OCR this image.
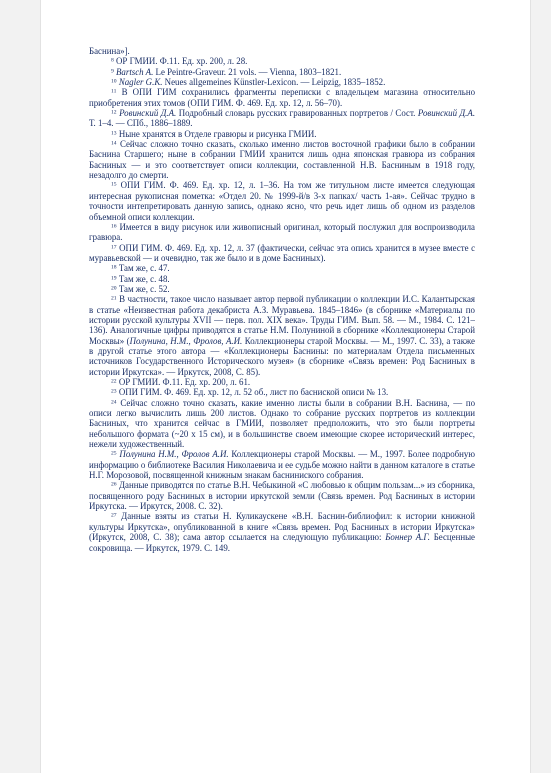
Баснина»].

$^8$ ОР ГМИИ. Ф.11. Ед. хр. 200, л. 28.

$^9$ Bartsch A. Le Peintre-Graveur. 21 vols. — Vienna, 1803–1821.

$^{10}$ Nagler G.K. Neues allgemeines Künstler-Lexicon. — Leipzig, 1835–1852.

$^{11}$ В ОПИ ГИМ сохранились фрагменты переписки с владельцем магазина относительно приобретения этих томов (ОПИ ГИМ. Ф. 469. Ед. хр. 12, л. 56–70).

$^{12}$ Ровинский Д.А. Подробный словарь русских гравированных портретов / Сост. Ровинский Д.А. Т. 1–4. — СПб., 1886–1889.

$^{13}$ Ныне хранятся в Отделе гравюры и рисунка ГМИИ.

$^{14}$ Сейчас сложно точно сказать, сколько именно листов восточной графики было в собрании Баснина Старшего; ныне в собрании ГМИИ хранится лишь одна японская гравюра из собрания Басниных — и это соответствует описи коллекции, составленной Н.В. Басниным в 1918 году, незадолго до смерти.

$^{15}$ ОПИ ГИМ. Ф. 469. Ед. хр. 12, л. 1–36. На том же титульном листе имеется следующая интересная рукописная пометка: «Отдел 20. № 1999-й/в 3-х папках/ часть 1-ая». Сейчас трудно в точности интепретировать данную запись, однако ясно, что речь идет лишь об одном из разделов объемной описи коллекции.

$^{16}$ Имеется в виду рисунок или живописный оригинал, который послужил для воспроизводила гравюра.

$^{17}$ ОПИ ГИМ. Ф. 469. Ед. хр. 12, л. 37 (фактически, сейчас эта опись хранится в музее вместе с муравьевской — и очевидно, так же было и в доме Басниных).

$^{18}$ Там же, с. 47.

$^{19}$ Там же, с. 48.

$^{20}$ Там же, с. 52.

$^{21}$ В частности, такое число называет автор первой публикации о коллекции И.С. Калантырская в статье «Неизвестная работа декабриста А.З. Муравьева. 1845–1846» (в сборнике «Материалы по истории русской культуры XVII — перв. пол. XIX века». Труды ГИМ. Вып. 58. — М., 1984. С. 121–136). Аналогичные цифры приводятся в статье Н.М. Полуниной в сборнике «Коллекционеры Старой Москвы» (Полунина, Н.М., Фролов, А.И. Коллекционеры старой Москвы. — М., 1997. С. 33), а также в другой статье этого автора — «Коллекционеры Баснины: по материалам Отдела письменных источников Государственного Исторического музея» (в сборнике «Связь времен: Род Басниных в истории Иркутска». — Иркутск, 2008, С. 85).

$^{22}$ ОР ГМИИ. Ф.11. Ед. хр. 200, л. 61.

$^{23}$ ОПИ ГИМ. Ф. 469. Ед. хр. 12, л. 52 об., лист по басниской описи № 13.

$^{24}$ Сейчас сложно точно сказать, какие именно листы были в собрании В.Н. Баснина, — по описи легко вычислить лишь 200 листов. Однако то собрание русских портретов из коллекции Басниных, что хранится сейчас в ГМИИ, позволяет предположить, что это были портреты небольшого формата (~20 х 15 см), и в большинстве своем имеющие скорее исторический интерес, нежели художественный.

$^{25}$ Полунина Н.М., Фролов А.И. Коллекционеры старой Москвы. — М., 1997. Более подробную информацию о библиотеке Василия Николаевича и ее судьбе можно найти в данном каталоге в статье Н.Г. Морозовой, посвященной книжным знакам басниниского собрания.

$^{26}$ Данные приводятся по статье В.Н. Чебыкиной «С любовью к общим пользам...» из сборника, посвященного роду Басниных в истории иркутской земли (Связь времен. Род Басниных в истории Иркутска. — Иркутск, 2008. С. 32).

$^{27}$ Данные взяты из статьи Н. Куликаускене «В.Н. Баснин-библиофил: к истории книжной культуры Иркутска», опубликованной в книге «Связь времен. Род Басниных в истории Иркутска» (Иркутск, 2008, С. 38); сама автор ссылается на следующую публикацию: Боннер А.Г. Бесценные сокровища. — Иркутск, 1979. С. 149.
